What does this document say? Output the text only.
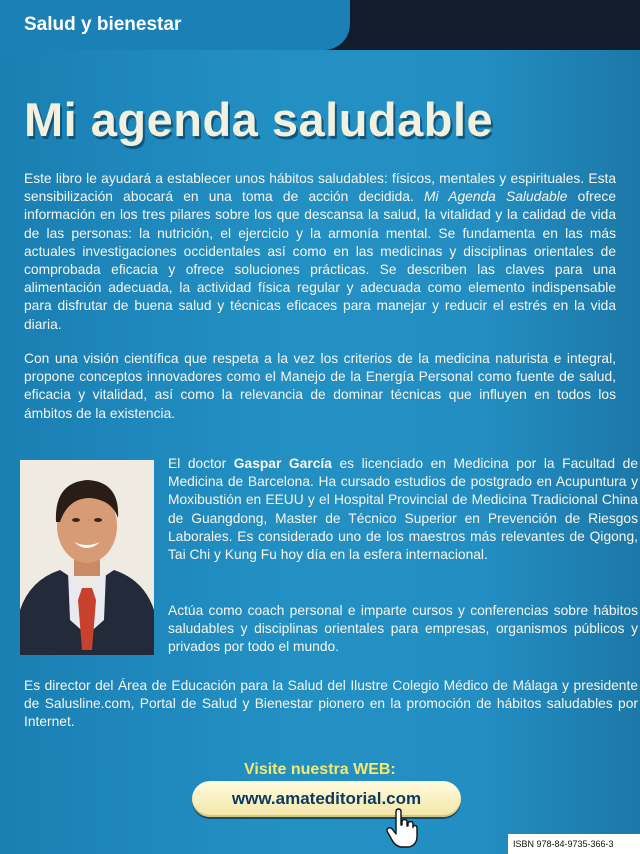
Salud y bienestar
Mi agenda saludable

Este libro le ayudará a establecer unos hábitos saludables: físicos, mentales y espirituales. Esta sensibilización abocará en una toma de acción decidida. Mi Agenda Saludable ofrece información en los tres pilares sobre los que descansa la salud, la vitalidad y la calidad de vida de las personas: la nutrición, el ejercicio y la armonía mental. Se fundamenta en las más actuales investigaciones occidentales así como en las medicinas y disciplinas orientales de comprobada eficacia y ofrece soluciones prácticas. Se describen las claves para una alimentación adecuada, la actividad física regular y adecuada como elemento indispensable para disfrutar de buena salud y técnicas eficaces para manejar y reducir el estrés en la vida diaria.

Con una visión científica que respeta a la vez los criterios de la medicina naturista e integral, propone conceptos innovadores como el Manejo de la Energía Personal como fuente de salud, eficacia y vitalidad, así como la relevancia de dominar técnicas que influyen en todos los ámbitos de la existencia.

El doctor Gaspar García es licenciado en Medicina por la Facultad de Medicina de Barcelona. Ha cursado estudios de postgrado en Acupuntura y Moxibustión en EEUU y el Hospital Provincial de Medicina Tradicional China de Guangdong, Master de Técnico Superior en Prevención de Riesgos Laborales. Es considerado uno de los maestros más relevantes de Qigong, Tai Chi y Kung Fu hoy día en la esfera internacional.

Actúa como coach personal e imparte cursos y conferencias sobre hábitos saludables y disciplinas orientales para empresas, organismos públicos y privados por todo el mundo.

Es director del Área de Educación para la Salud del Ilustre Colegio Médico de Málaga y presidente de Salusline.com, Portal de Salud y Bienestar pionero en la promoción de hábitos saludables por Internet.

Visite nuestra WEB:
www.amateditorial.com
ISBN 978-84-9735-366-3
